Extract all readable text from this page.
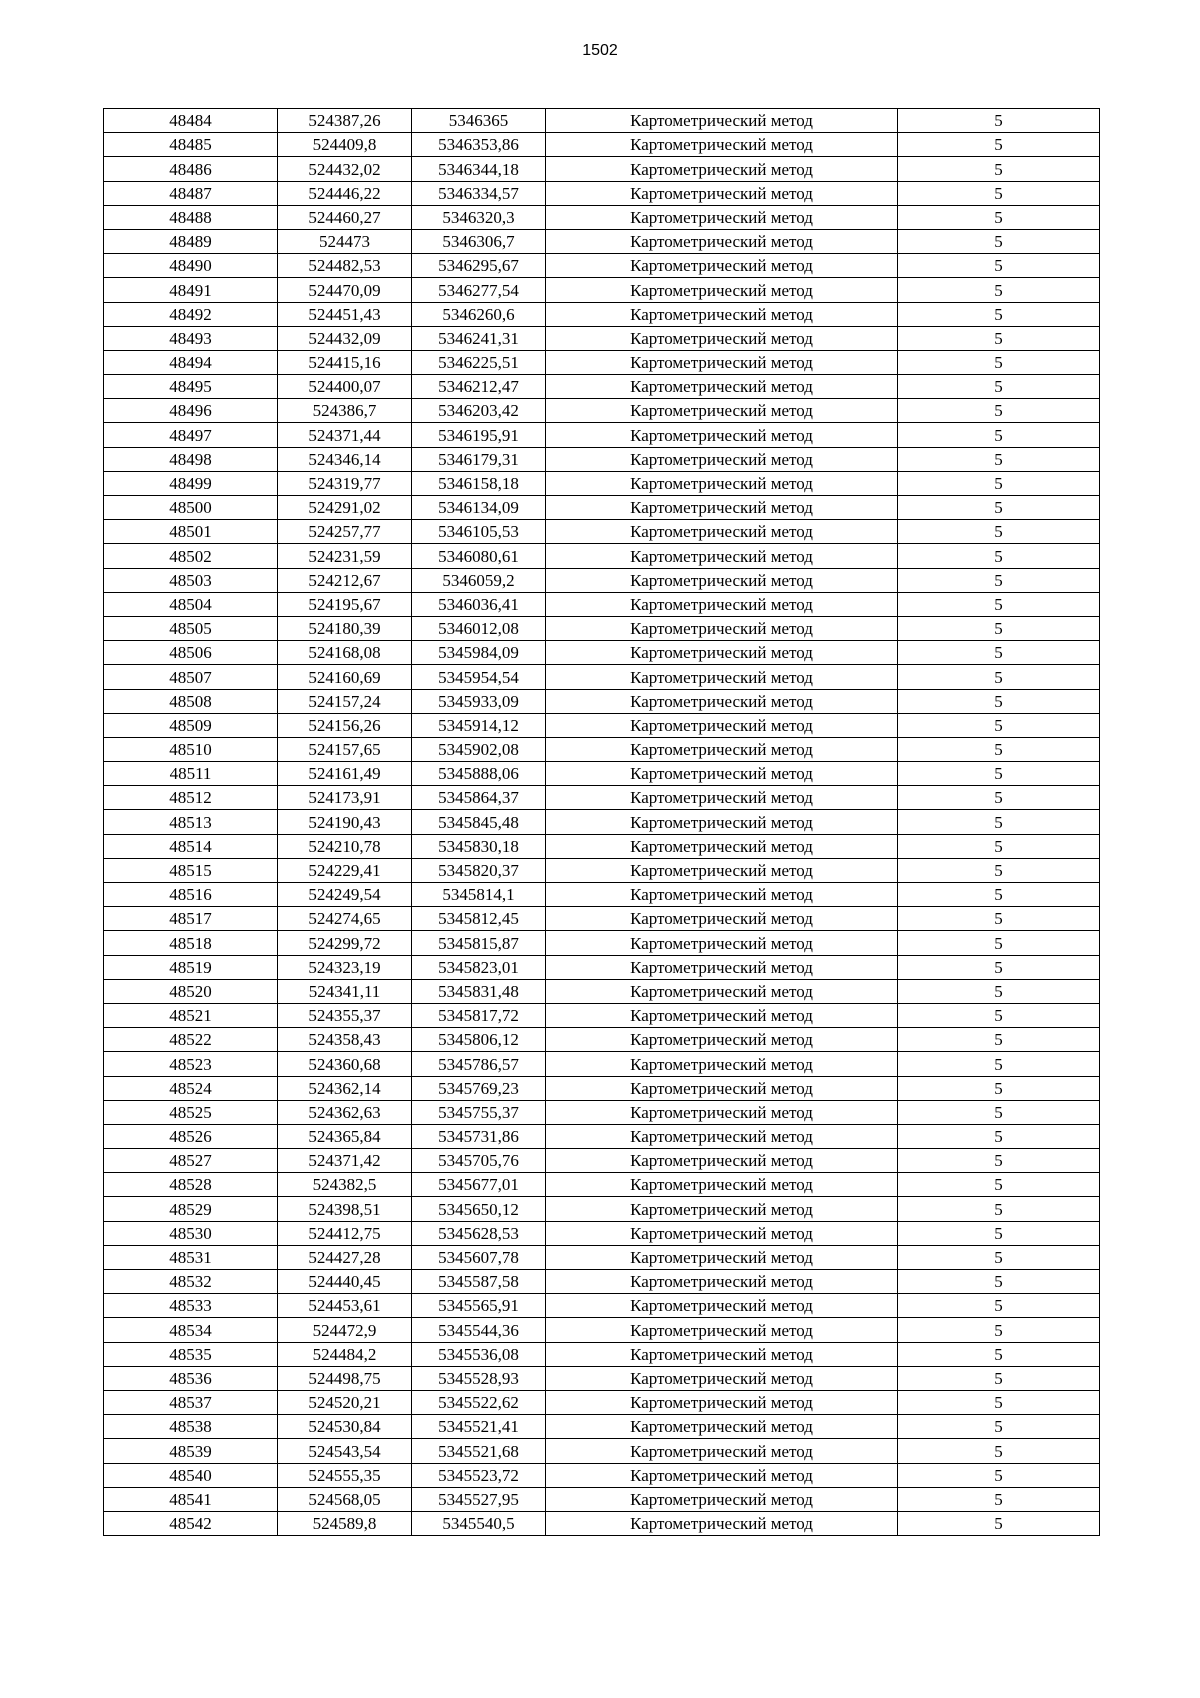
1502
48484	524387,26	5346365	Картометрический метод	5
48485	524409,8	5346353,86	Картометрический метод	5
48486	524432,02	5346344,18	Картометрический метод	5
48487	524446,22	5346334,57	Картометрический метод	5
48488	524460,27	5346320,3	Картометрический метод	5
48489	524473	5346306,7	Картометрический метод	5
48490	524482,53	5346295,67	Картометрический метод	5
48491	524470,09	5346277,54	Картометрический метод	5
48492	524451,43	5346260,6	Картометрический метод	5
48493	524432,09	5346241,31	Картометрический метод	5
48494	524415,16	5346225,51	Картометрический метод	5
48495	524400,07	5346212,47	Картометрический метод	5
48496	524386,7	5346203,42	Картометрический метод	5
48497	524371,44	5346195,91	Картометрический метод	5
48498	524346,14	5346179,31	Картометрический метод	5
48499	524319,77	5346158,18	Картометрический метод	5
48500	524291,02	5346134,09	Картометрический метод	5
48501	524257,77	5346105,53	Картометрический метод	5
48502	524231,59	5346080,61	Картометрический метод	5
48503	524212,67	5346059,2	Картометрический метод	5
48504	524195,67	5346036,41	Картометрический метод	5
48505	524180,39	5346012,08	Картометрический метод	5
48506	524168,08	5345984,09	Картометрический метод	5
48507	524160,69	5345954,54	Картометрический метод	5
48508	524157,24	5345933,09	Картометрический метод	5
48509	524156,26	5345914,12	Картометрический метод	5
48510	524157,65	5345902,08	Картометрический метод	5
48511	524161,49	5345888,06	Картометрический метод	5
48512	524173,91	5345864,37	Картометрический метод	5
48513	524190,43	5345845,48	Картометрический метод	5
48514	524210,78	5345830,18	Картометрический метод	5
48515	524229,41	5345820,37	Картометрический метод	5
48516	524249,54	5345814,1	Картометрический метод	5
48517	524274,65	5345812,45	Картометрический метод	5
48518	524299,72	5345815,87	Картометрический метод	5
48519	524323,19	5345823,01	Картометрический метод	5
48520	524341,11	5345831,48	Картометрический метод	5
48521	524355,37	5345817,72	Картометрический метод	5
48522	524358,43	5345806,12	Картометрический метод	5
48523	524360,68	5345786,57	Картометрический метод	5
48524	524362,14	5345769,23	Картометрический метод	5
48525	524362,63	5345755,37	Картометрический метод	5
48526	524365,84	5345731,86	Картометрический метод	5
48527	524371,42	5345705,76	Картометрический метод	5
48528	524382,5	5345677,01	Картометрический метод	5
48529	524398,51	5345650,12	Картометрический метод	5
48530	524412,75	5345628,53	Картометрический метод	5
48531	524427,28	5345607,78	Картометрический метод	5
48532	524440,45	5345587,58	Картометрический метод	5
48533	524453,61	5345565,91	Картометрический метод	5
48534	524472,9	5345544,36	Картометрический метод	5
48535	524484,2	5345536,08	Картометрический метод	5
48536	524498,75	5345528,93	Картометрический метод	5
48537	524520,21	5345522,62	Картометрический метод	5
48538	524530,84	5345521,41	Картометрический метод	5
48539	524543,54	5345521,68	Картометрический метод	5
48540	524555,35	5345523,72	Картометрический метод	5
48541	524568,05	5345527,95	Картометрический метод	5
48542	524589,8	5345540,5	Картометрический метод	5
